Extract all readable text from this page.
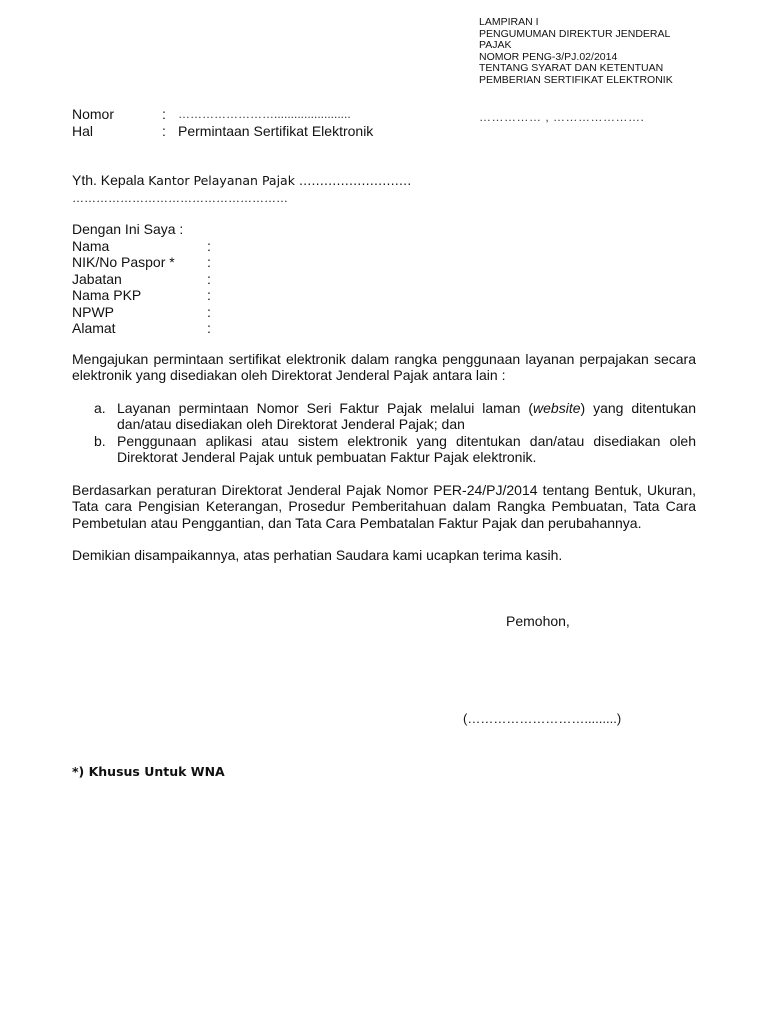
LAMPIRAN I
PENGUMUMAN DIREKTUR JENDERAL
PAJAK
NOMOR PENG-3/PJ.02/2014
TENTANG SYARAT DAN KETENTUAN
PEMBERIAN SERTIFIKAT ELEKTRONIK
Nomor	: …………………….......................
Hal	: Permintaan Sertifikat Elektronik
…………… , ………………….
Yth. Kepala Kantor Pelayanan Pajak ………………………
………………………………………………
Dengan Ini Saya :
Nama	:
NIK/No Paspor * :
Jabatan	:
Nama PKP	:
NPWP	:
Alamat	:
Mengajukan permintaan sertifikat elektronik dalam rangka penggunaan layanan perpajakan secara elektronik yang disediakan oleh Direktorat Jenderal Pajak antara lain :
a. Layanan permintaan Nomor Seri Faktur Pajak melalui laman (website) yang ditentukan dan/atau disediakan oleh Direktorat Jenderal Pajak; dan
b. Penggunaan aplikasi atau sistem elektronik yang ditentukan dan/atau disediakan oleh Direktorat Jenderal Pajak untuk pembuatan Faktur Pajak elektronik.
Berdasarkan peraturan Direktorat Jenderal Pajak Nomor PER-24/PJ/2014 tentang Bentuk, Ukuran, Tata cara Pengisian Keterangan, Prosedur Pemberitahuan dalam Rangka Pembuatan, Tata Cara Pembetulan atau Penggantian, dan Tata Cara Pembatalan Faktur Pajak dan perubahannya.
Demikian disampaikannya, atas perhatian Saudara kami ucapkan terima kasih.
Pemohon,
(……………………….........)
*) Khusus Untuk WNA
